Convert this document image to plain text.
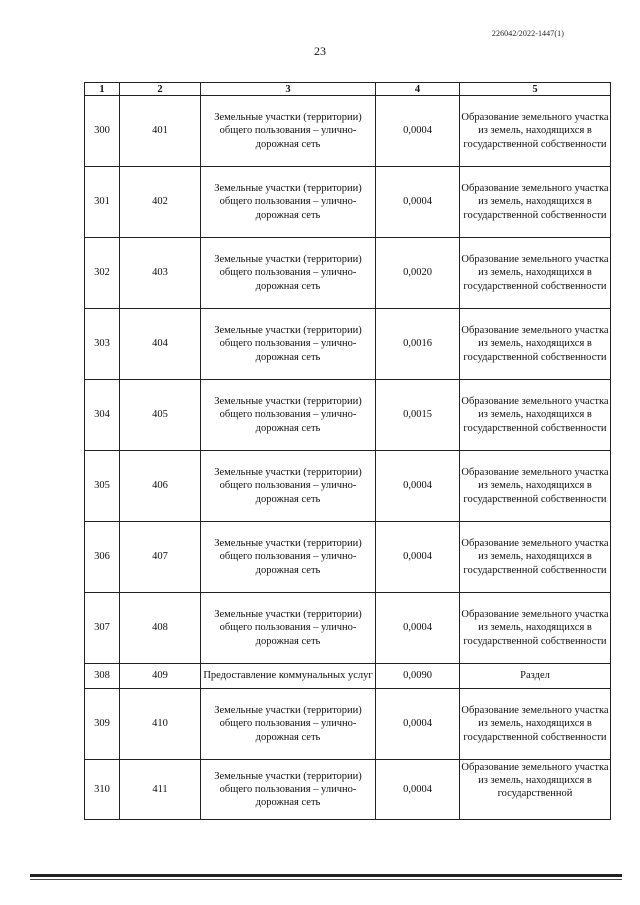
226042/2022-1447(1)
23
1	2	3	4	5
300	401	Земельные участки (территории) общего пользования – улично-дорожная сеть	0,0004	Образование земельного участка из земель, находящихся в государственной собственности
301	402	Земельные участки (территории) общего пользования – улично-дорожная сеть	0,0004	Образование земельного участка из земель, находящихся в государственной собственности
302	403	Земельные участки (территории) общего пользования – улично-дорожная сеть	0,0020	Образование земельного участка из земель, находящихся в государственной собственности
303	404	Земельные участки (территории) общего пользования – улично-дорожная сеть	0,0016	Образование земельного участка из земель, находящихся в государственной собственности
304	405	Земельные участки (территории) общего пользования – улично-дорожная сеть	0,0015	Образование земельного участка из земель, находящихся в государственной собственности
305	406	Земельные участки (территории) общего пользования – улично-дорожная сеть	0,0004	Образование земельного участка из земель, находящихся в государственной собственности
306	407	Земельные участки (территории) общего пользования – улично-дорожная сеть	0,0004	Образование земельного участка из земель, находящихся в государственной собственности
307	408	Земельные участки (территории) общего пользования – улично-дорожная сеть	0,0004	Образование земельного участка из земель, находящихся в государственной собственности
308	409	Предоставление коммунальных услуг	0,0090	Раздел
309	410	Земельные участки (территории) общего пользования – улично-дорожная сеть	0,0004	Образование земельного участка из земель, находящихся в государственной собственности
310	411	Земельные участки (территории) общего пользования – улично-дорожная сеть	0,0004	Образование земельного участка из земель, находящихся в государственной
